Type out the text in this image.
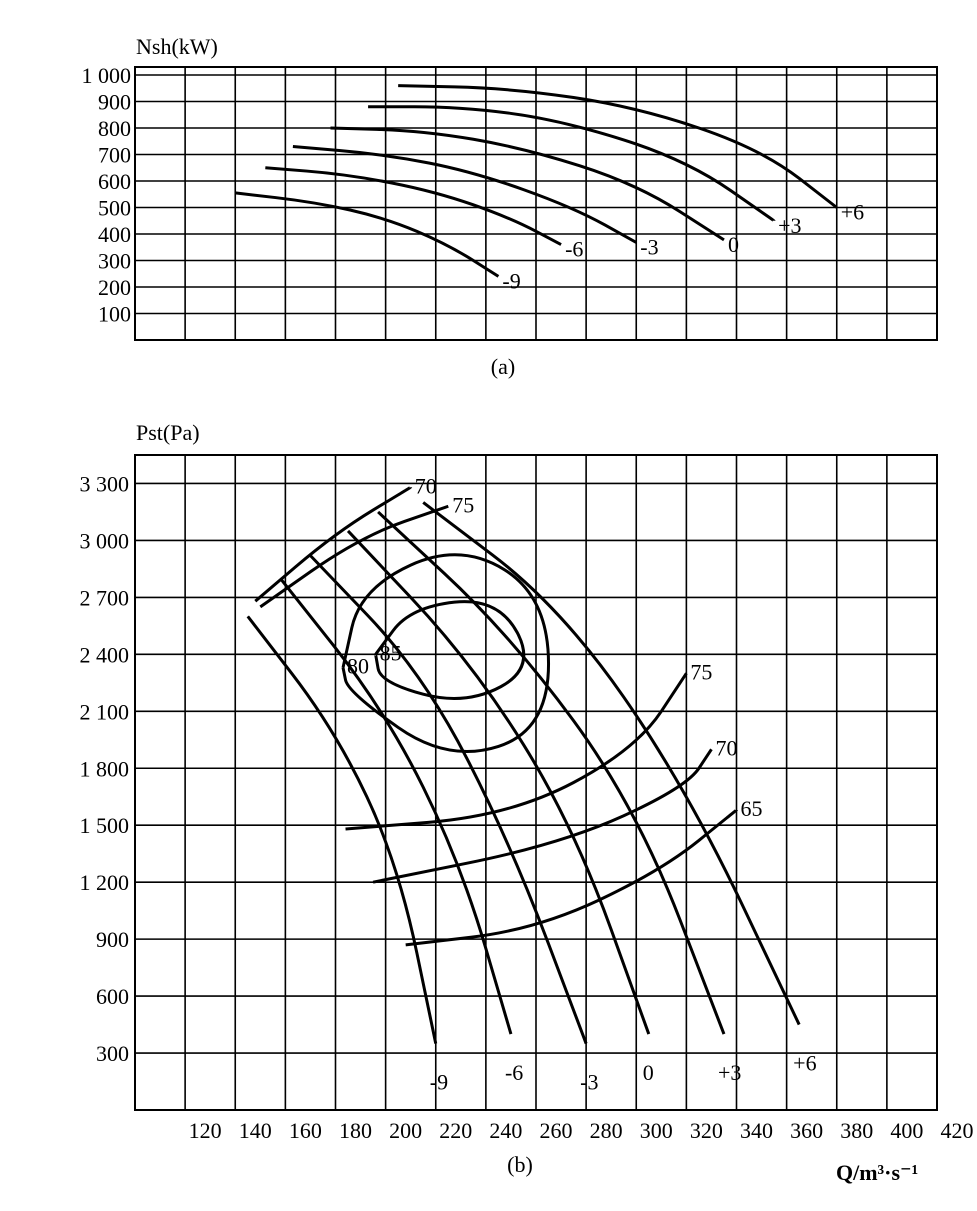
100
200
300
400
500
600
700
800
900
1 000
-9
-6	-3	0
+3
+6
Nsh(kW)
(a)
300
600
900
1 200
1 500
1 800
2 100
2 400
2 700
3 000
3 300
120 140 160 180 200 220 240 260 280 300 320 340 360 380 400 420
70
75
80
85
75
70
65
-9	-6	-3 0	+3 +6
Pst(Pa)
(b)	Q/m³·s⁻¹
